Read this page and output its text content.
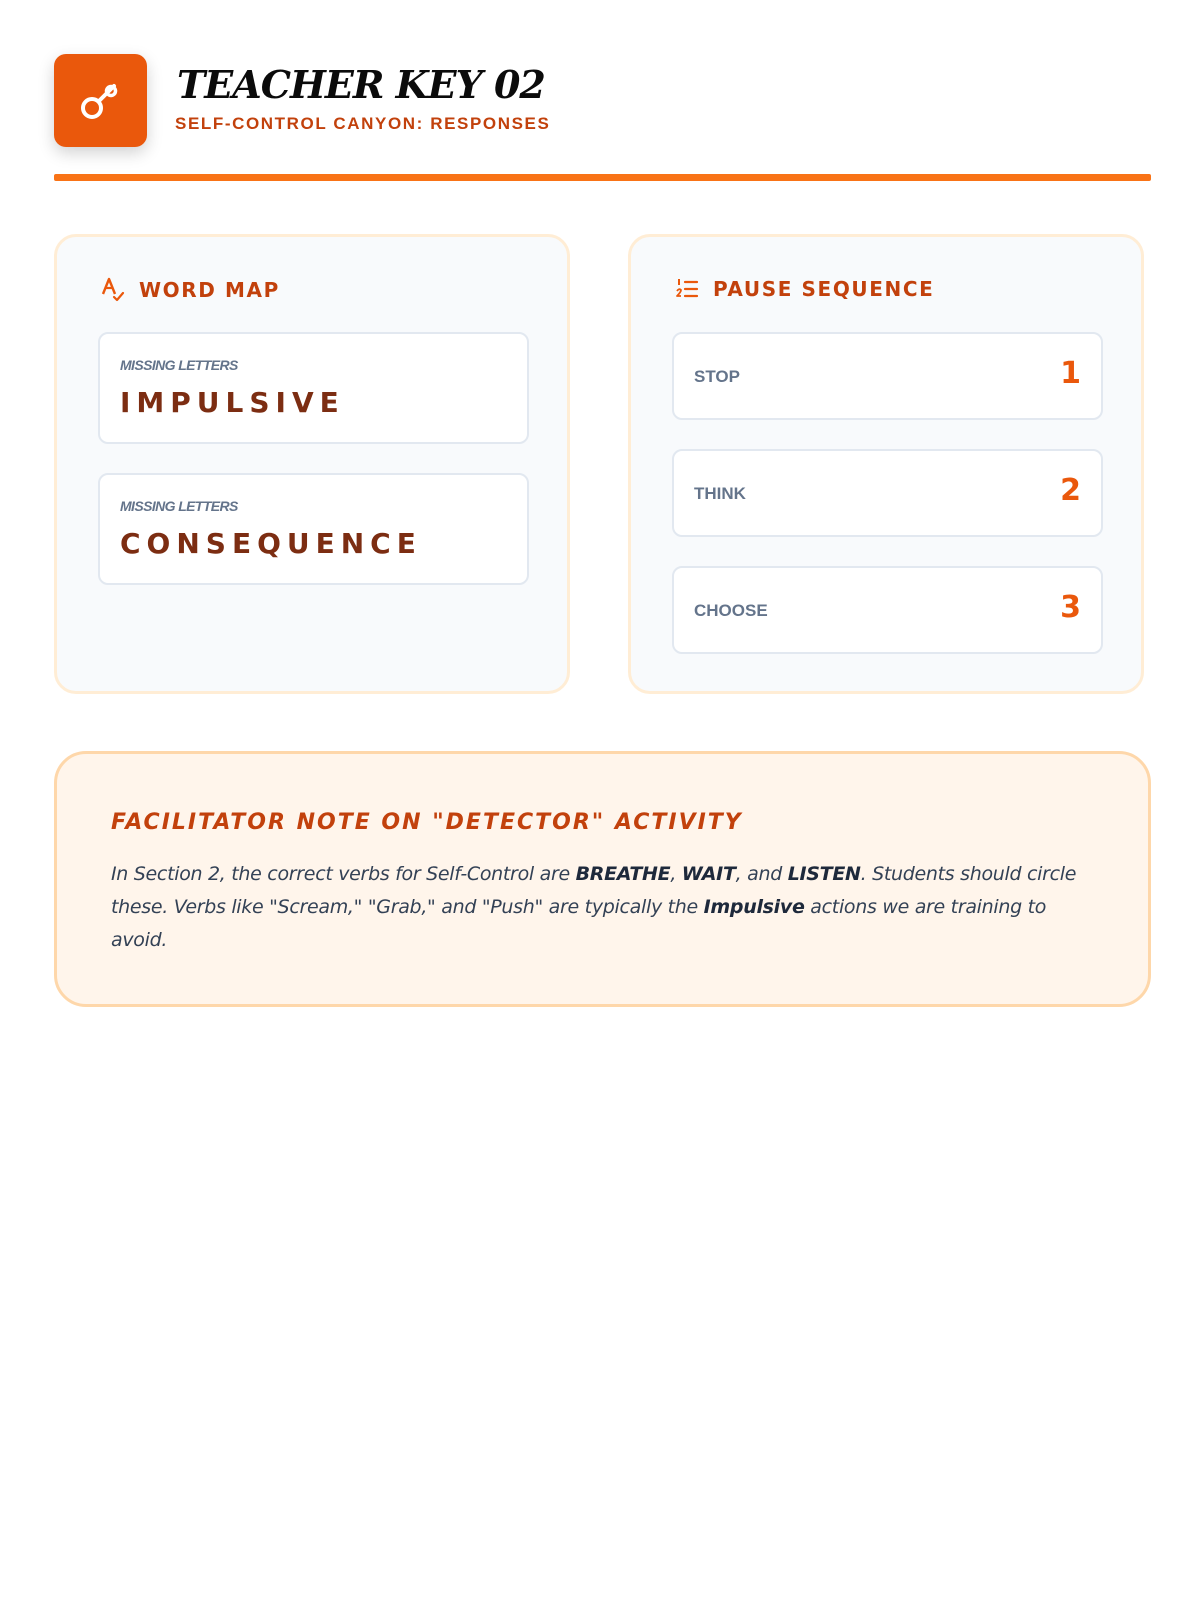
TEACHER KEY 02
SELF-CONTROL CANYON: RESPONSES
WORD MAP
MISSING LETTERS
IMPULSIVE
MISSING LETTERS
CONSEQUENCE
PAUSE SEQUENCE
STOP	1
THINK	2
CHOOSE	3
FACILITATOR NOTE ON "DETECTOR" ACTIVITY
In Section 2, the correct verbs for Self-Control are BREATHE, WAIT, and LISTEN. Students should circle these. Verbs like "Scream," "Grab," and "Push" are typically the Impulsive actions we are training to avoid.
